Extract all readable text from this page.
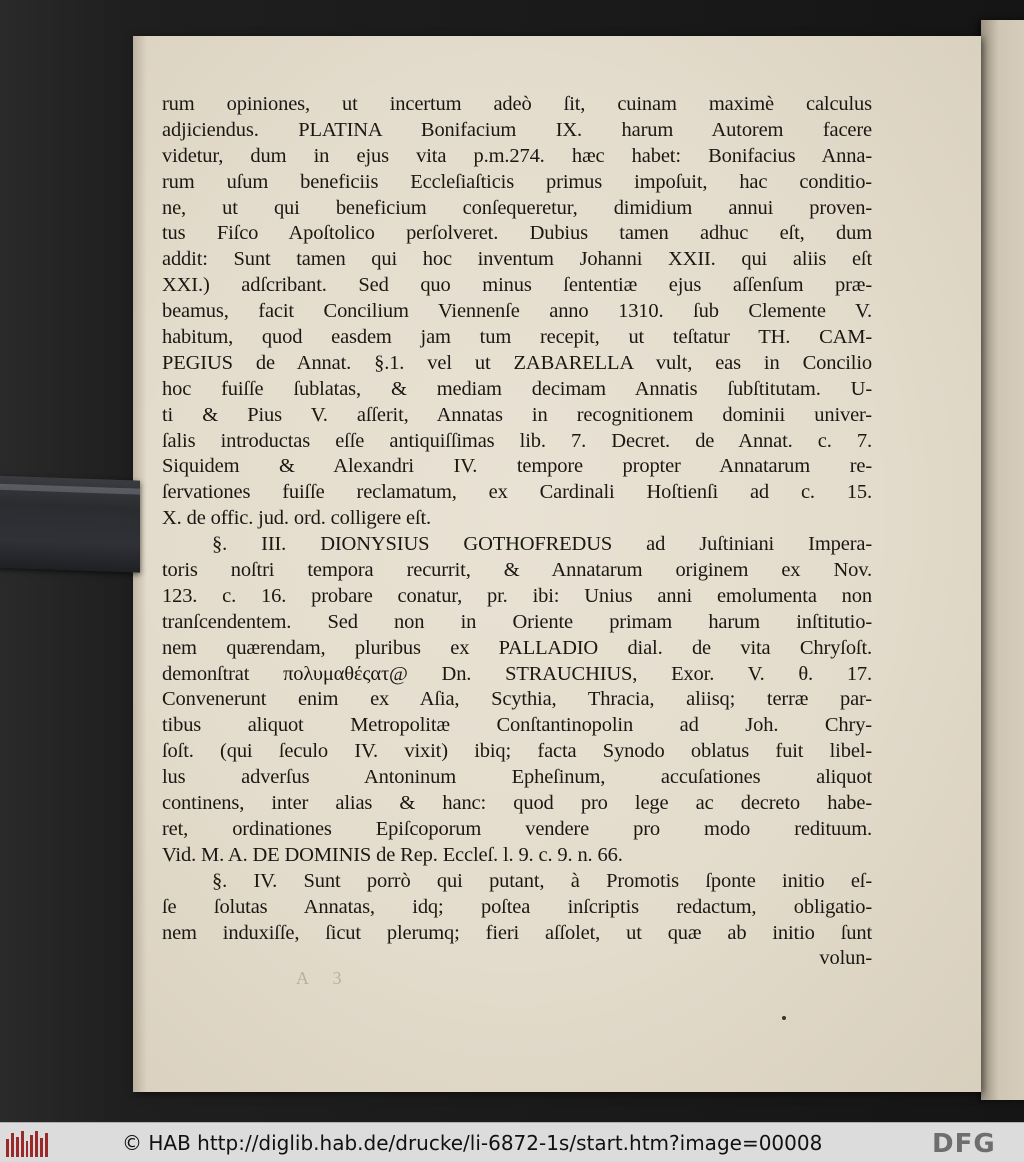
rum opiniones, ut incertum adeò ſit, cuinam maximè calculus
adjiciendus. PLATINA Bonifacium IX. harum Autorem facere
videtur, dum in ejus vita p.m.274. hæc habet: Bonifacius Anna-
rum uſum beneficiis Eccleſiaſticis primus impoſuit, hac conditio-
ne, ut qui beneficium conſequeretur, dimidium annui proven-
tus Fiſco Apoſtolico perſolveret. Dubius tamen adhuc eſt, dum
addit: Sunt tamen qui hoc inventum Johanni XXII. qui aliis eſt
XXI.) adſcribant. Sed quo minus ſententiæ ejus aſſenſum præ-
beamus, facit Concilium Viennenſe anno 1310. ſub Clemente V.
habitum, quod easdem jam tum recepit, ut teſtatur TH. CAM-
PEGIUS de Annat. §.1. vel ut ZABARELLA vult, eas in Concilio
hoc fuiſſe ſublatas, & mediam decimam Annatis ſubſtitutam. U-
ti & Pius V. aſſerit, Annatas in recognitionem dominii univer-
ſalis introductas eſſe antiquiſſimas lib. 7. Decret. de Annat. c. 7.
Siquidem & Alexandri IV. tempore propter Annatarum re-
ſervationes fuiſſe reclamatum, ex Cardinali Hoſtienſi ad c. 15.
X. de offic. jud. ord. colligere eſt.
§. III. DIONYSIUS GOTHOFREDUS ad Juſtiniani Impera-
toris noſtri tempora recurrit, & Annatarum originem ex Nov.
123. c. 16. probare conatur, pr. ibi: Unius anni emolumenta non
tranſcendentem. Sed non in Oriente primam harum inſtitutio-
nem quærendam, pluribus ex PALLADIO dial. de vita Chryſoſt.
demonſtrat πολυμαθέςατ@ Dn. STRAUCHIUS, Exor. V. θ. 17.
Convenerunt enim ex Aſia, Scythia, Thracia, aliisq; terræ par-
tibus aliquot Metropolitæ Conſtantinopolin ad Joh. Chry-
ſoſt. (qui ſeculo IV. vixit) ibiq; facta Synodo oblatus fuit libel-
lus adverſus Antoninum Epheſinum, accuſationes aliquot
continens, inter alias & hanc: quod pro lege ac decreto habe-
ret, ordinationes Epiſcoporum vendere pro modo redituum.
Vid. M. A. DE DOMINIS de Rep. Eccleſ. l. 9. c. 9. n. 66.
§. IV. Sunt porrò qui putant, à Promotis ſponte initio eſ-
ſe ſolutas Annatas, idq; poſtea inſcriptis redactum, obligatio-
nem induxiſſe, ſicut plerumq; fieri aſſolet, ut quæ ab initio ſunt
volun-
A 3
© HAB http://diglib.hab.de/drucke/li-6872-1s/start.htm?image=00008	DFG
